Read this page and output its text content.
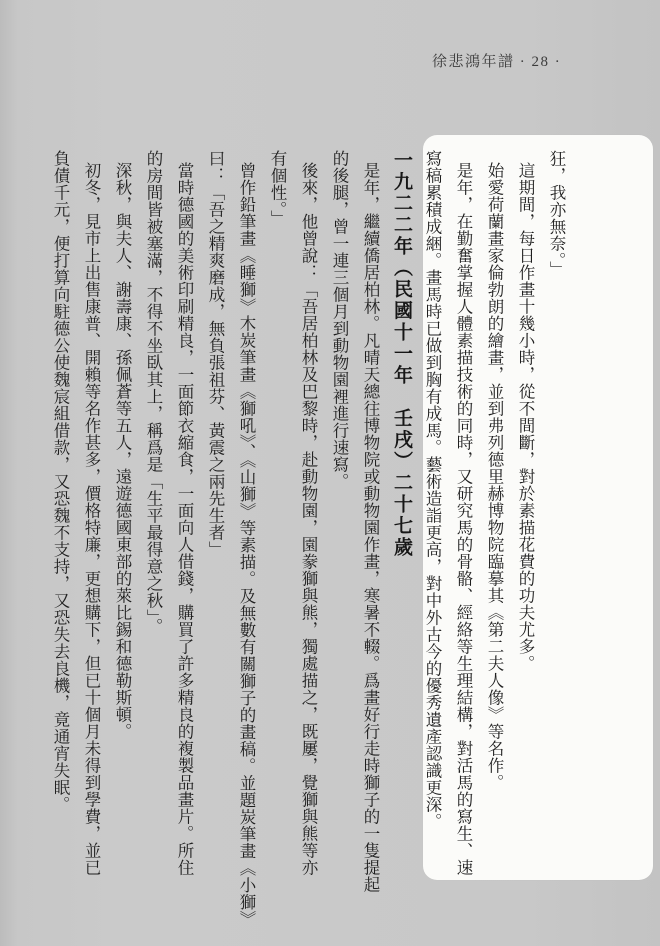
徐悲鴻年譜 · 28 ·
狂，我亦無奈。」
這期間，每日作畫十幾小時，從不間斷，對於素描花費的功夫尤多。
始愛荷蘭畫家倫勃朗的繪畫，並到弗列德里赫博物院臨摹其《第二夫人像》等名作。
是年，在勤奮掌握人體素描技術的同時，又研究馬的骨骼、經絡等生理結構，對活馬的寫生、速
寫稿累積成綑。畫馬時已做到胸有成馬。藝術造詣更高，對中外古今的優秀遺產認識更深。
一九二二年（民國十一年　壬戌）二十七歲
是年，繼續僑居柏林。凡晴天總往博物院或動物園作畫，寒暑不輟。爲畫好行走時獅子的一隻提起
的後腿，曾一連三個月到動物園裡進行速寫。
後來，他曾說：「吾居柏林及巴黎時，赴動物園，園豢獅與熊，獨處描之，既屢，覺獅與熊等亦
有個性。」
曾作鉛筆畫《睡獅》木炭筆畫《獅吼》、《山獅》等素描。及無數有關獅子的畫稿。並題炭筆畫《小獅》
曰：「吾之精爽磨成，無負張祖芬、黃震之兩先生者」
當時德國的美術印刷精良，一面節衣縮食，一面向人借錢，購買了許多精良的複製品畫片。所住
的房間皆被塞滿，不得不坐臥其上，稱爲是「生平最得意之秋」。
深秋，與夫人、謝壽康、孫佩蒼等五人，遠遊德國東部的萊比錫和德勒斯頓。
初冬，見市上出售康普、開賴等名作甚多，價格特廉，更想購下，但已十個月未得到學費，並已
負債千元，便打算向駐德公使魏宸組借款，又恐魏不支持，又恐失去良機，竟通宵失眠。
